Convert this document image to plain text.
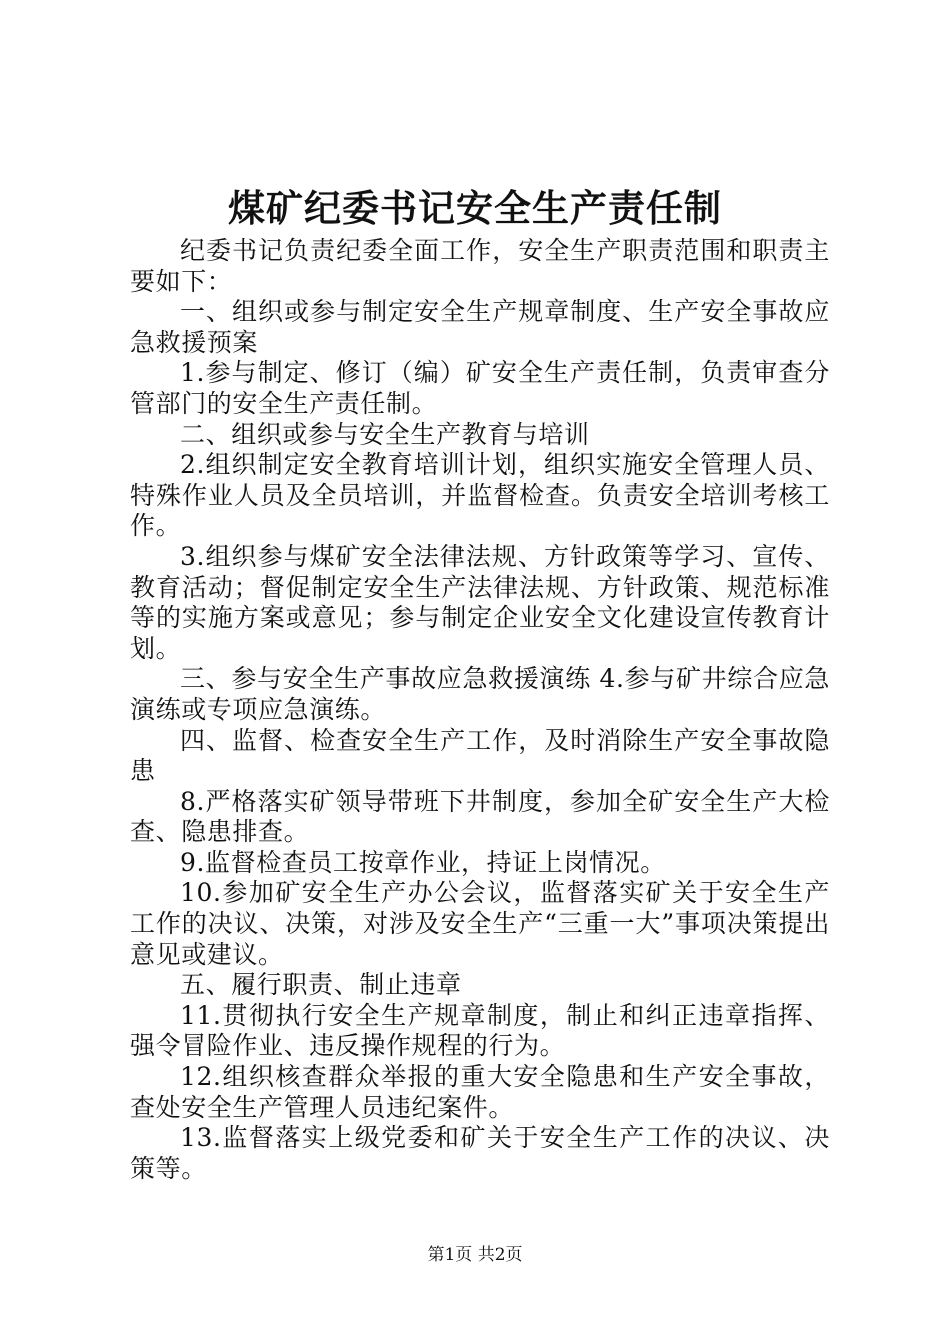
煤矿纪委书记安全生产责任制

纪委书记负责纪委全面工作，安全生产职责范围和职责主要如下：

一、组织或参与制定安全生产规章制度、生产安全事故应急救援预案

1.参与制定、修订（编）矿安全生产责任制，负责审查分管部门的安全生产责任制。

二、组织或参与安全生产教育与培训

2.组织制定安全教育培训计划，组织实施安全管理人员、特殊作业人员及全员培训，并监督检查。负责安全培训考核工作。

3.组织参与煤矿安全法律法规、方针政策等学习、宣传、教育活动；督促制定安全生产法律法规、方针政策、规范标准等的实施方案或意见；参与制定企业安全文化建设宣传教育计划。

三、参与安全生产事故应急救援演练 4.参与矿井综合应急演练或专项应急演练。

四、监督、检查安全生产工作，及时消除生产安全事故隐患

8.严格落实矿领导带班下井制度，参加全矿安全生产大检查、隐患排查。

9.监督检查员工按章作业，持证上岗情况。

10.参加矿安全生产办公会议，监督落实矿关于安全生产工作的决议、决策，对涉及安全生产“三重一大”事项决策提出意见或建议。

五、履行职责、制止违章

11.贯彻执行安全生产规章制度，制止和纠正违章指挥、强令冒险作业、违反操作规程的行为。

12.组织核查群众举报的重大安全隐患和生产安全事故，查处安全生产管理人员违纪案件。

13.监督落实上级党委和矿关于安全生产工作的决议、决策等。

第1页 共2页
